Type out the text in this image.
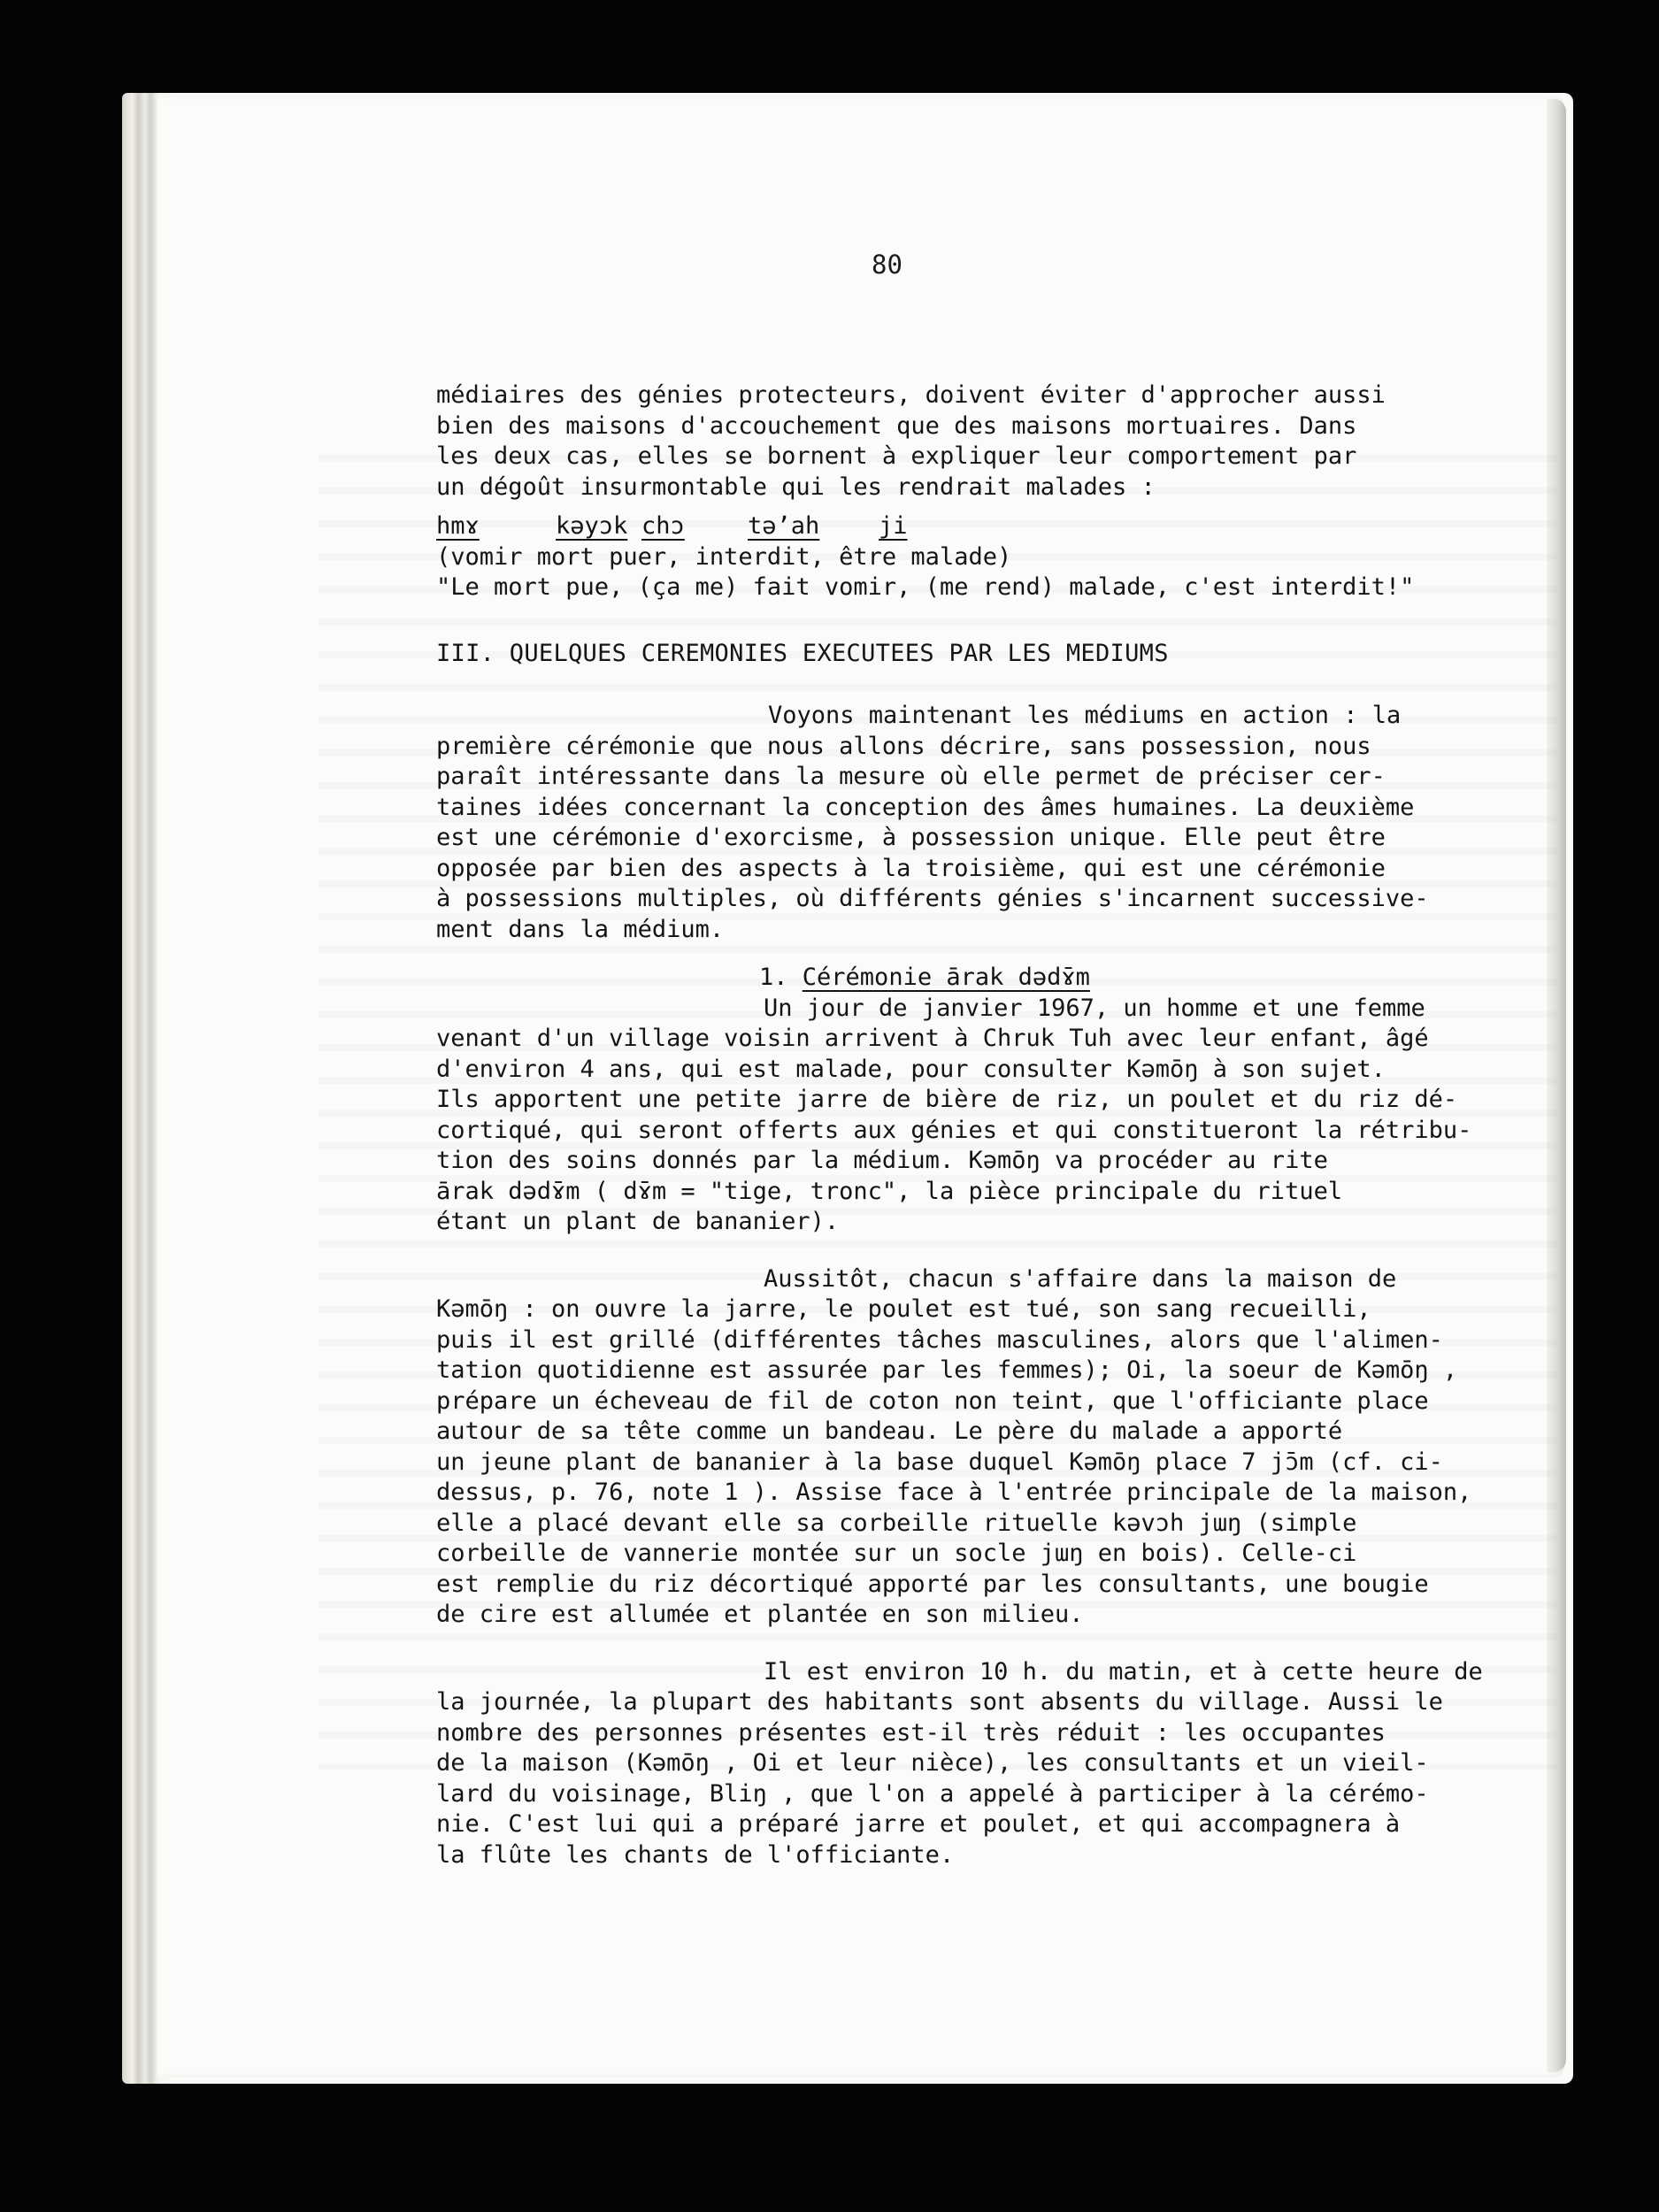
80
médiaires des génies protecteurs, doivent éviter d'approcher aussi
bien des maisons d'accouchement que des maisons mortuaires. Dans
les deux cas, elles se bornent à expliquer leur comportement par
un dégoût insurmontable qui les rendrait malades :
hmɤ	kəyɔk chɔ	təʼah	ji
(vomir mort puer, interdit, être malade)
"Le mort pue, (ça me) fait vomir, (me rend) malade, c'est interdit!"
III. QUELQUES CEREMONIES EXECUTEES PAR LES MEDIUMS
Voyons maintenant les médiums en action : la
première cérémonie que nous allons décrire, sans possession, nous
paraît intéressante dans la mesure où elle permet de préciser cer-
taines idées concernant la conception des âmes humaines. La deuxième
est une cérémonie d'exorcisme, à possession unique. Elle peut être
opposée par bien des aspects à la troisième, qui est une cérémonie
à possessions multiples, où différents génies s'incarnent successive-
ment dans la médium.
1. Cérémonie ārak dədɤ̄m
Un jour de janvier 1967, un homme et une femme
venant d'un village voisin arrivent à Chruk Tuh avec leur enfant, âgé
d'environ 4 ans, qui est malade, pour consulter Kəmōŋ à son sujet.
Ils apportent une petite jarre de bière de riz, un poulet et du riz dé-
cortiqué, qui seront offerts aux génies et qui constitueront la rétribu-
tion des soins donnés par la médium. Kəmōŋ va procéder au rite
ārak dədɤ̄m ( dɤ̄m = "tige, tronc", la pièce principale du rituel
étant un plant de bananier).
Aussitôt, chacun s'affaire dans la maison de
Kəmōŋ : on ouvre la jarre, le poulet est tué, son sang recueilli,
puis il est grillé (différentes tâches masculines, alors que l'alimen-
tation quotidienne est assurée par les femmes); Oi, la soeur de Kəmōŋ ,
prépare un écheveau de fil de coton non teint, que l'officiante place
autour de sa tête comme un bandeau. Le père du malade a apporté
un jeune plant de bananier à la base duquel Kəmōŋ place 7 jɔ̄m (cf. ci-
dessus, p. 76, note 1 ). Assise face à l'entrée principale de la maison,
elle a placé devant elle sa corbeille rituelle kəvɔh jɯŋ (simple
corbeille de vannerie montée sur un socle jɯŋ en bois). Celle-ci
est remplie du riz décortiqué apporté par les consultants, une bougie
de cire est allumée et plantée en son milieu.
Il est environ 10 h. du matin, et à cette heure de
la journée, la plupart des habitants sont absents du village. Aussi le
nombre des personnes présentes est-il très réduit : les occupantes
de la maison (Kəmōŋ , Oi et leur nièce), les consultants et un vieil-
lard du voisinage, Bliŋ , que l'on a appelé à participer à la cérémo-
nie. C'est lui qui a préparé jarre et poulet, et qui accompagnera à
la flûte les chants de l'officiante.
